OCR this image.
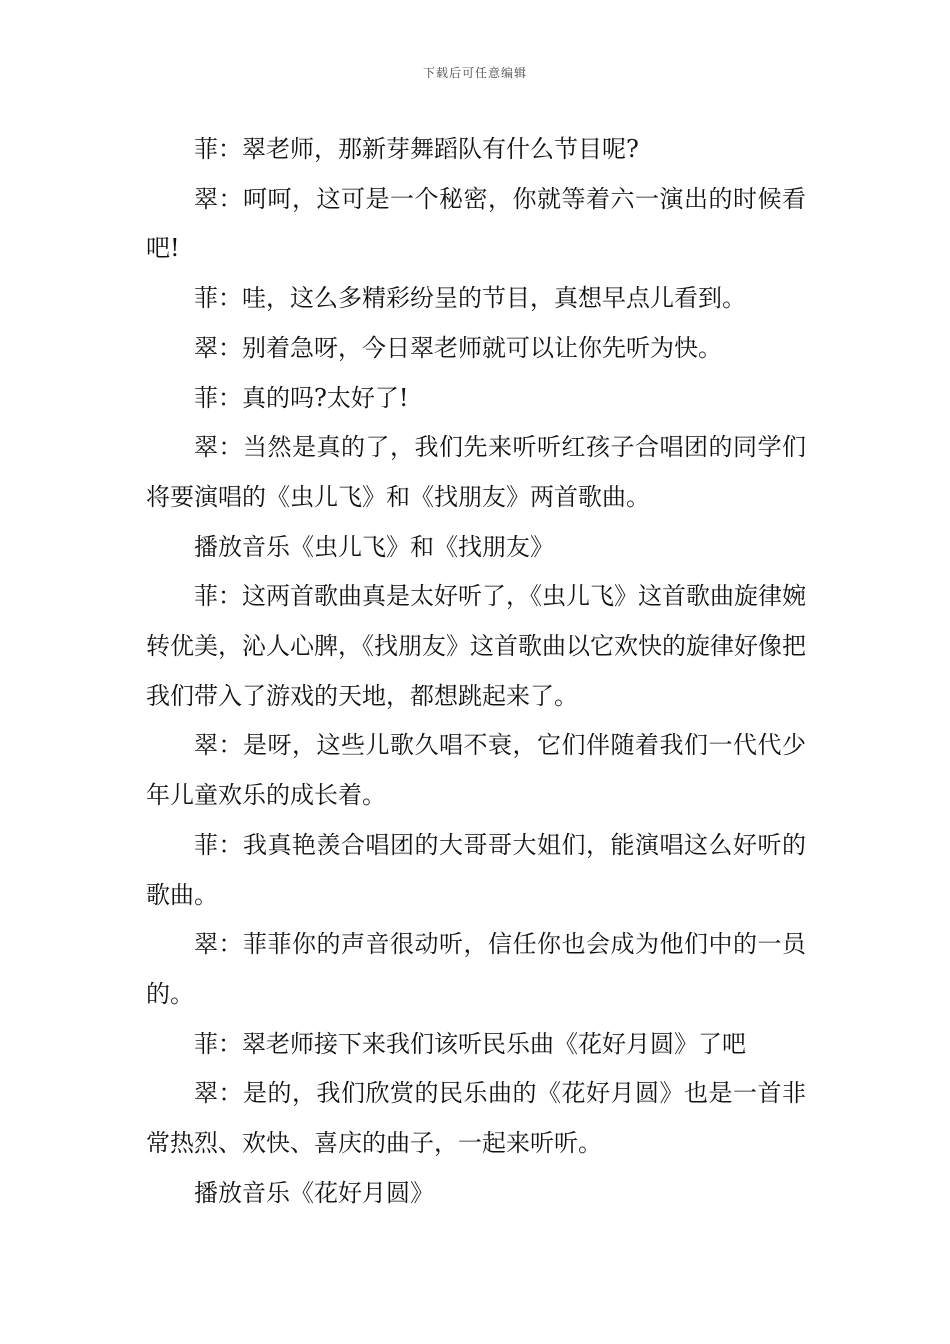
下载后可任意编辑

菲：翠老师，那新芽舞蹈队有什么节目呢?

翠：呵呵，这可是一个秘密，你就等着六一演出的时候看吧!

菲：哇，这么多精彩纷呈的节目，真想早点儿看到。

翠：别着急呀，今日翠老师就可以让你先听为快。

菲：真的吗?太好了!

翠：当然是真的了，我们先来听听红孩子合唱团的同学们将要演唱的《虫儿飞》和《找朋友》两首歌曲。

播放音乐《虫儿飞》和《找朋友》

菲：这两首歌曲真是太好听了，《虫儿飞》这首歌曲旋律婉转优美，沁人心脾，《找朋友》这首歌曲以它欢快的旋律好像把我们带入了游戏的天地，都想跳起来了。

翠：是呀，这些儿歌久唱不衰，它们伴随着我们一代代少年儿童欢乐的成长着。

菲：我真艳羡合唱团的大哥哥大姐们，能演唱这么好听的歌曲。

翠：菲菲你的声音很动听，信任你也会成为他们中的一员的。

菲：翠老师接下来我们该听民乐曲《花好月圆》了吧

翠：是的，我们欣赏的民乐曲的《花好月圆》也是一首非常热烈、欢快、喜庆的曲子，一起来听听。

播放音乐《花好月圆》
